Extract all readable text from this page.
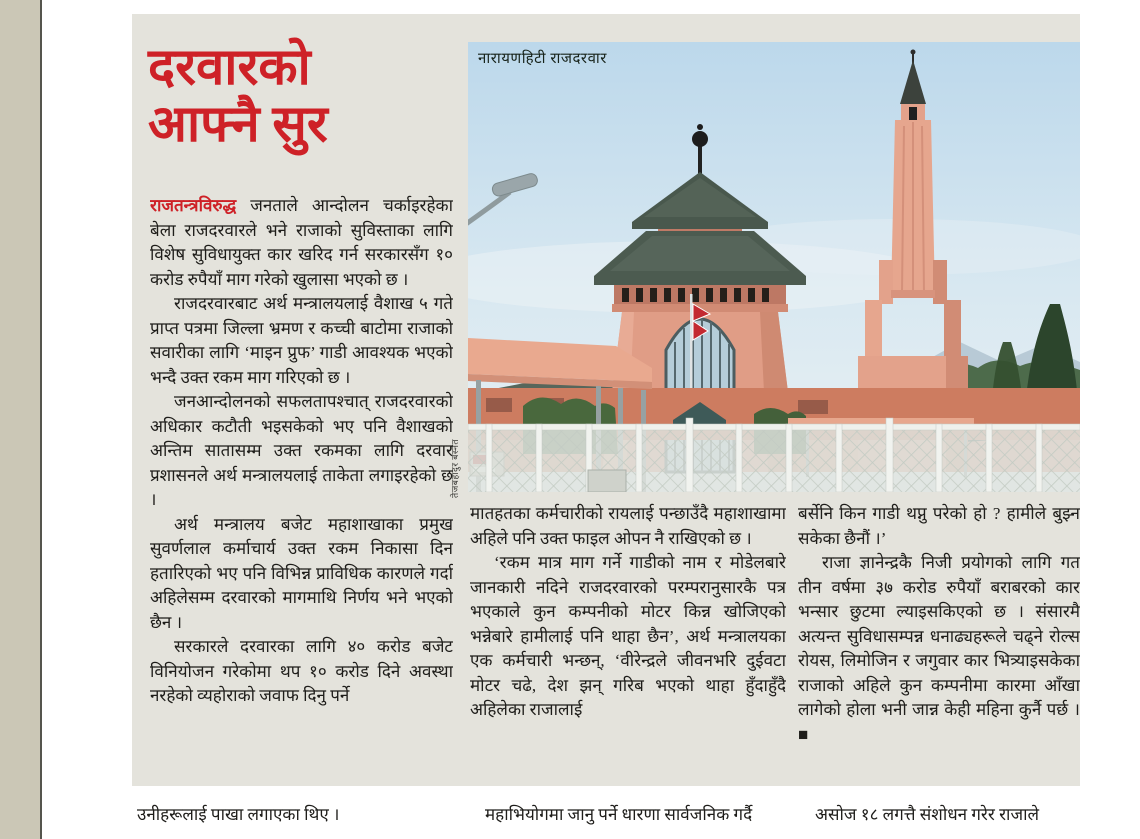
दरवारको
आफ्नै सुर
नारायणहिटी राजदरवार
तेजबहादुर बस्नेत

राजतन्त्रविरुद्ध जनताले आन्दोलन चर्काइरहेका बेला राजदरवारले भने राजाको सुविस्ताका लागि विशेष सुविधायुक्त कार खरिद गर्न सरकारसँग १० करोड रुपैयाँ माग गरेको खुलासा भएको छ ।

राजदरवारबाट अर्थ मन्त्रालयलाई वैशाख ५ गते प्राप्त पत्रमा जिल्ला भ्रमण र कच्ची बाटोमा राजाको सवारीका लागि ‘माइन प्रुफ’ गाडी आवश्यक भएको भन्दै उक्त रकम माग गरिएको छ ।

जनआन्दोलनको सफलतापश्चात् राजदरवारको अधिकार कटौती भइसकेको भए पनि वैशाखको अन्तिम सातासम्म उक्त रकमका लागि दरवार प्रशासनले अर्थ मन्त्रालयलाई ताकेता लगाइरहेको छ ।

अर्थ मन्त्रालय बजेट महाशाखाका प्रमुख सुवर्णलाल कर्माचार्य उक्त रकम निकासा दिन हतारिएको भए पनि विभिन्न प्राविधिक कारणले गर्दा अहिलेसम्म दरवारको मागमाथि निर्णय भने भएको छैन ।

सरकारले दरवारका लागि ४० करोड बजेट विनियोजन गरेकोमा थप १० करोड दिने अवस्था नरहेको व्यहोराको जवाफ दिनु पर्ने

मातहतका कर्मचारीको रायलाई पन्छाउँदै महाशाखामा अहिले पनि उक्त फाइल ओपन नै राखिएको छ ।

‘रकम मात्र माग गर्ने गाडीको नाम र मोडेलबारे जानकारी नदिने राजदरवारको परम्परानुसारकै पत्र भएकाले कुन कम्पनीको मोटर किन्न खोजिएको भन्नेबारे हामीलाई पनि थाहा छैन’, अर्थ मन्त्रालयका एक कर्मचारी भन्छन्, ‘वीरेन्द्रले जीवनभरि दुईवटा मोटर चढे, देश झन् गरिब भएको थाहा हुँदाहुँदै अहिलेका राजालाई

बर्सेनि किन गाडी थप्नु परेको हो ? हामीले बुझ्न सकेका छैनौं ।’

राजा ज्ञानेन्द्रकै निजी प्रयोगको लागि गत तीन वर्षमा ३७ करोड रुपैयाँ बराबरको कार भन्सार छुटमा ल्याइसकिएको छ । संसारमै अत्यन्त सुविधासम्पन्न धनाढ्यहरूले चढ्ने रोल्स रोयस, लिमोजिन र जगुवार कार भित्र्याइसकेका राजाको अहिले कुन कम्पनीमा कारमा आँखा लागेको होला भनी जान्न केही महिना कुर्नै पर्छ । ■

उनीहरूलाई पाखा लगाएका थिए ।	महाभियोगमा जानु पर्ने धारणा सार्वजनिक गर्दै	असोज १८ लगत्तै संशोधन गरेर राजाले
